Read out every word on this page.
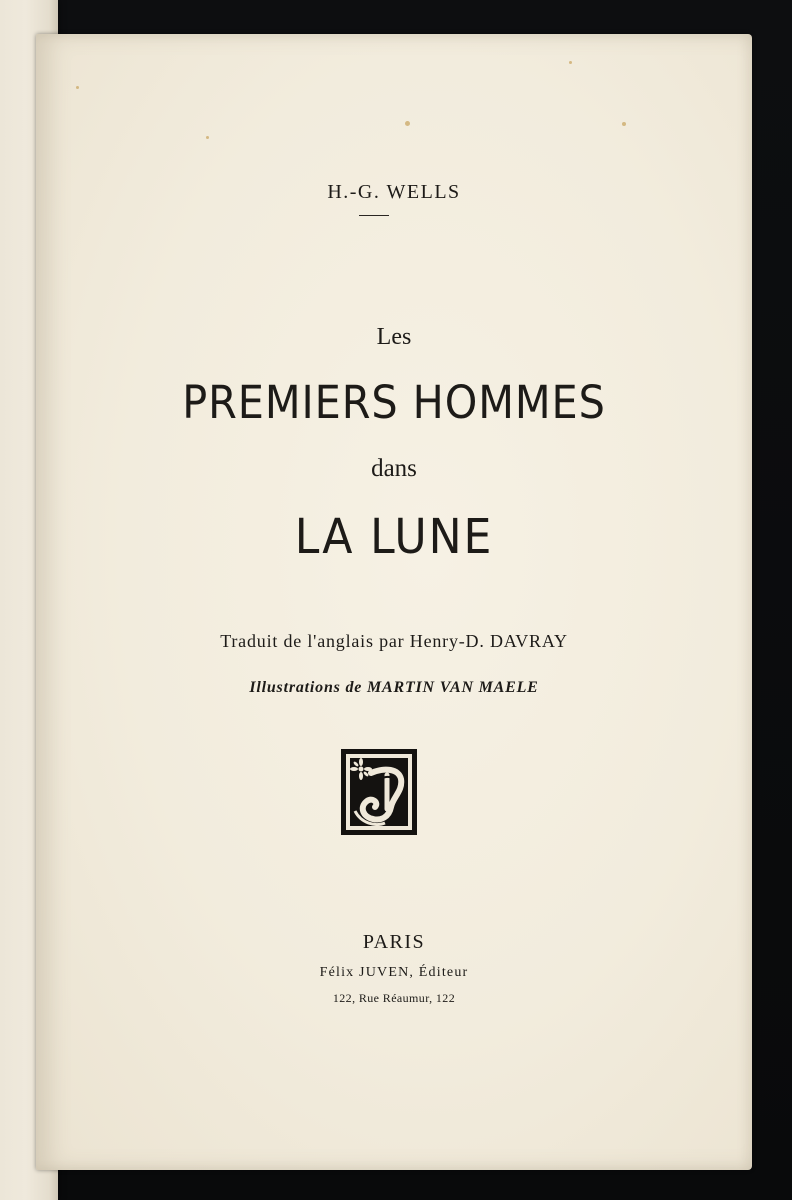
H.-G. WELLS
Les
PREMIERS HOMMES
dans
LA LUNE
Traduit de l'anglais par Henry-D. DAVRAY
Illustrations de MARTIN VAN MAELE
PARIS
Félix JUVEN, Éditeur
122, Rue Réaumur, 122
